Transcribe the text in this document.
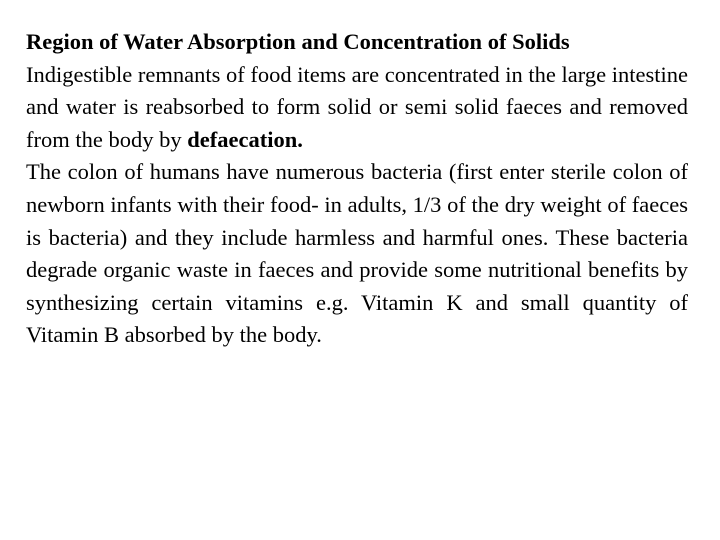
Region of Water Absorption and Concentration of Solids

Indigestible remnants of food items are concentrated in the large intestine and water is reabsorbed to form solid or semi solid faeces and removed from the body by defaecation.

The colon of humans have numerous bacteria (first enter sterile colon of newborn infants with their food- in adults, 1/3 of the dry weight of faeces is bacteria) and they include harmless and harmful ones. These bacteria degrade organic waste in faeces and provide some nutritional benefits by synthesizing certain vitamins e.g. Vitamin K and small quantity of Vitamin B absorbed by the body.
